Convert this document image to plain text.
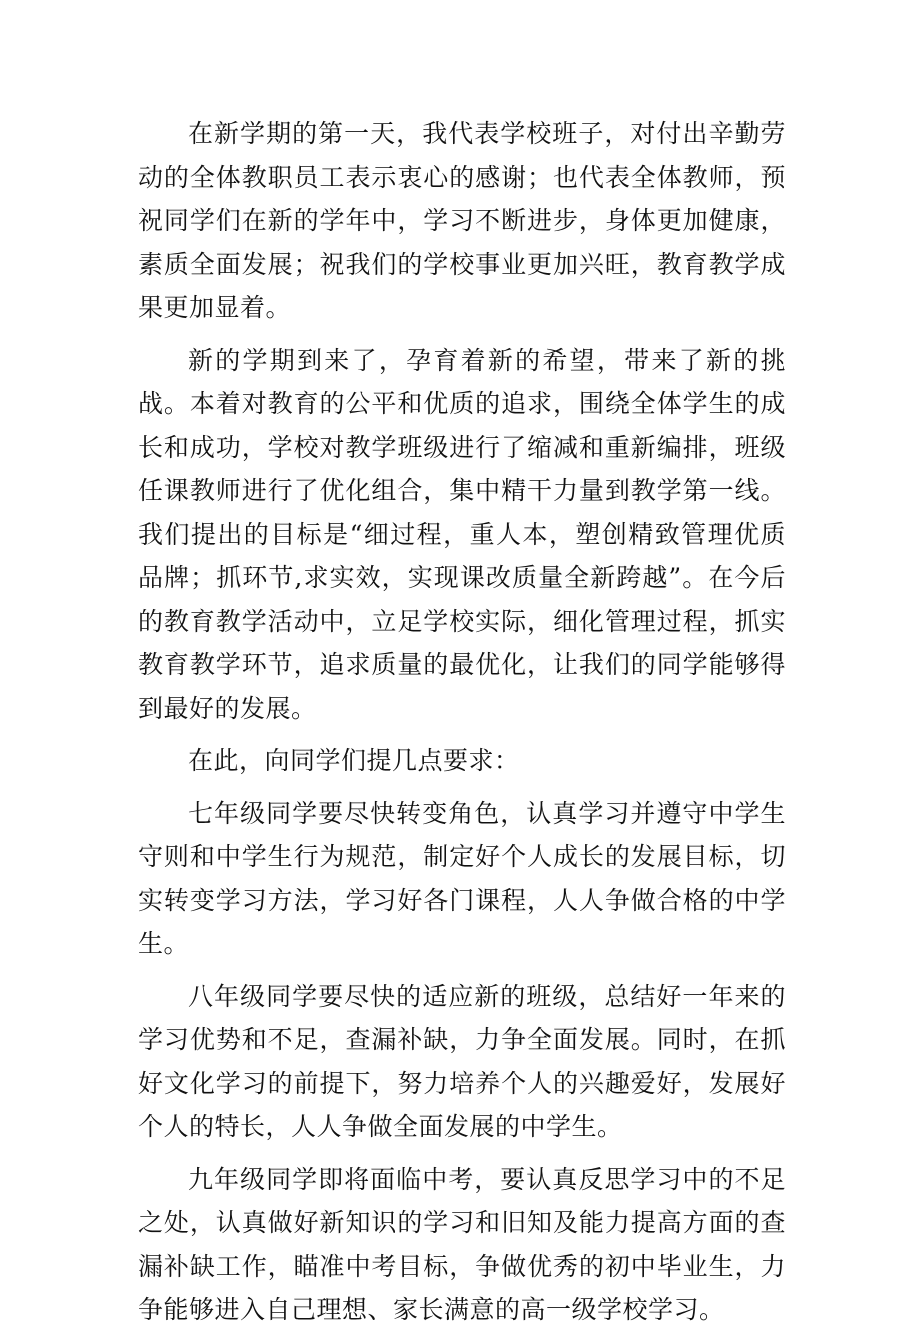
在新学期的第一天，我代表学校班子，对付出辛勤劳动的全体教职员工表示衷心的感谢；也代表全体教师，预祝同学们在新的学年中，学习不断进步，身体更加健康，素质全面发展；祝我们的学校事业更加兴旺，教育教学成果更加显着。

新的学期到来了，孕育着新的希望，带来了新的挑战。本着对教育的公平和优质的追求，围绕全体学生的成长和成功，学校对教学班级进行了缩减和重新编排，班级任课教师进行了优化组合，集中精干力量到教学第一线。我们提出的目标是“细过程，重人本，塑创精致管理优质品牌；抓环节,求实效，实现课改质量全新跨越”。在今后的教育教学活动中，立足学校实际，细化管理过程，抓实教育教学环节，追求质量的最优化，让我们的同学能够得到最好的发展。

在此，向同学们提几点要求：

七年级同学要尽快转变角色，认真学习并遵守中学生守则和中学生行为规范，制定好个人成长的发展目标，切实转变学习方法，学习好各门课程，人人争做合格的中学生。

八年级同学要尽快的适应新的班级，总结好一年来的学习优势和不足，查漏补缺，力争全面发展。同时，在抓好文化学习的前提下，努力培养个人的兴趣爱好，发展好个人的特长，人人争做全面发展的中学生。

九年级同学即将面临中考，要认真反思学习中的不足之处，认真做好新知识的学习和旧知及能力提高方面的查漏补缺工作，瞄准中考目标，争做优秀的初中毕业生，力争能够进入自己理想、家长满意的高一级学校学习。
